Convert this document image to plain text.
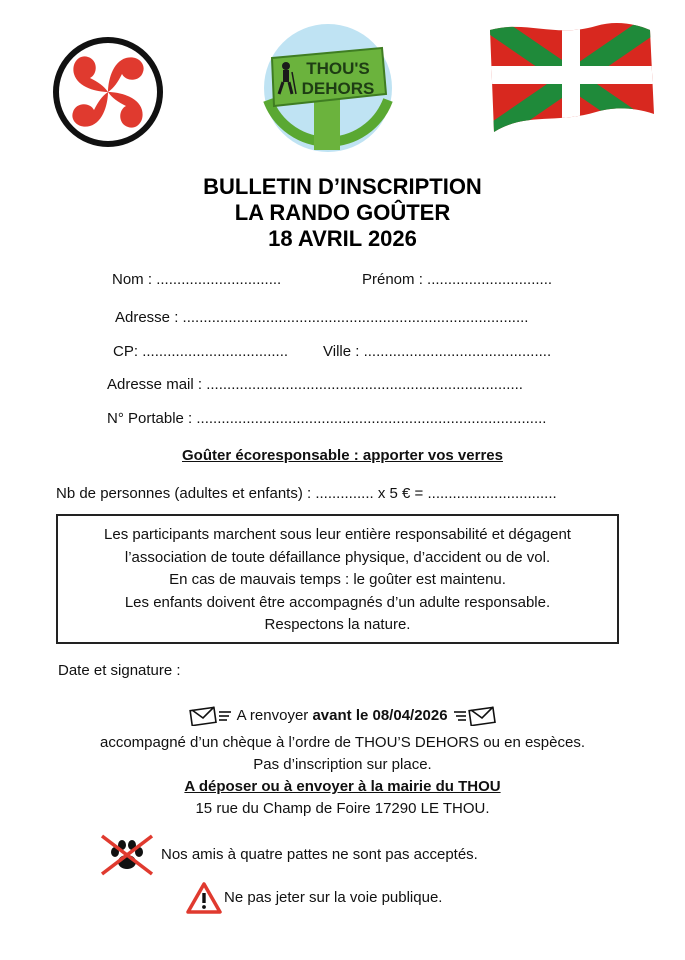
THOU'S
DEHORS
BULLETIN D’INSCRIPTION
LA RANDO GOÛTER
18 AVRIL 2026
Nom : ..............................	Prénom : ..............................
Adresse : ...................................................................................
CP: ................................... Ville : .............................................
Adresse mail : ............................................................................
N° Portable : ....................................................................................
Goûter écoresponsable : apporter vos verres
Nb de personnes (adultes et enfants) : .............. x 5 € = ...............................
Les participants marchent sous leur entière responsabilité et dégagent
l’association de toute défaillance physique, d’accident ou de vol.
En cas de mauvais temps : le goûter est maintenu.
Les enfants doivent être accompagnés d’un adulte responsable.
Respectons la nature.
Date et signature :
A renvoyer avant le 08/04/2026
accompagné d’un chèque à l’ordre de THOU’S DEHORS ou en espèces.
Pas d’inscription sur place.
A déposer ou à envoyer à la mairie du THOU
15 rue du Champ de Foire 17290 LE THOU.
Nos amis à quatre pattes ne sont pas acceptés.
Ne pas jeter sur la voie publique.
